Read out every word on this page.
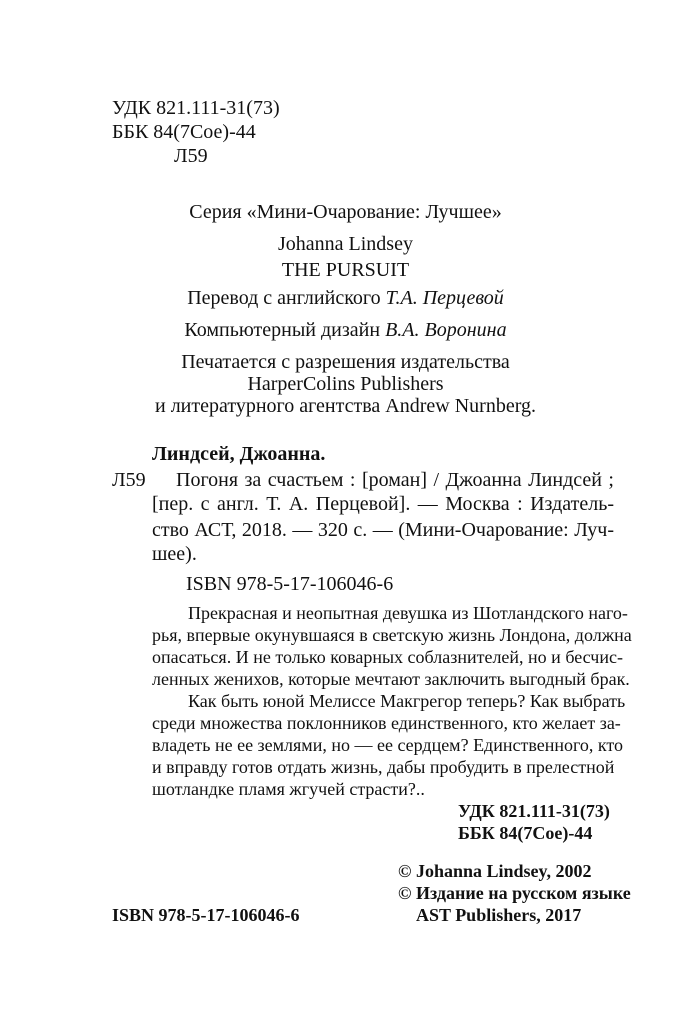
УДК 821.111-31(73)
ББК 84(7Сое)-44
Л59
Серия «Мини-Очарование: Лучшее»
Johanna Lindsey
THE PURSUIT
Перевод с английского Т.А. Перцевой
Компьютерный дизайн В.А. Воронина
Печатается с разрешения издательства
HarperColins Publishers
и литературного агентства Andrew Nurnberg.
Линдсей, Джоанна.
Л59 Погоня за счастьем : [роман] / Джоанна Линдсей ;
[пер. с англ. Т. А. Перцевой]. — Москва : Издатель-
ство АСТ, 2018. — 320 с. — (Мини-Очарование: Луч-
шее).
ISBN 978-5-17-106046-6
Прекрасная и неопытная девушка из Шотландского наго-
рья, впервые окунувшаяся в светскую жизнь Лондона, должна
опасаться. И не только коварных соблазнителей, но и бесчис-
ленных женихов, которые мечтают заключить выгодный брак.
Как быть юной Мелиссе Макгрегор теперь? Как выбрать
среди множества поклонников единственного, кто желает за-
владеть не ее землями, но — ее сердцем? Единственного, кто
и вправду готов отдать жизнь, дабы пробудить в прелестной
шотландке пламя жгучей страсти?..
УДК 821.111-31(73)
ББК 84(7Сое)-44
© Johanna Lindsey, 2002
© Издание на русском языке
AST Publishers, 2017
ISBN 978-5-17-106046-6
